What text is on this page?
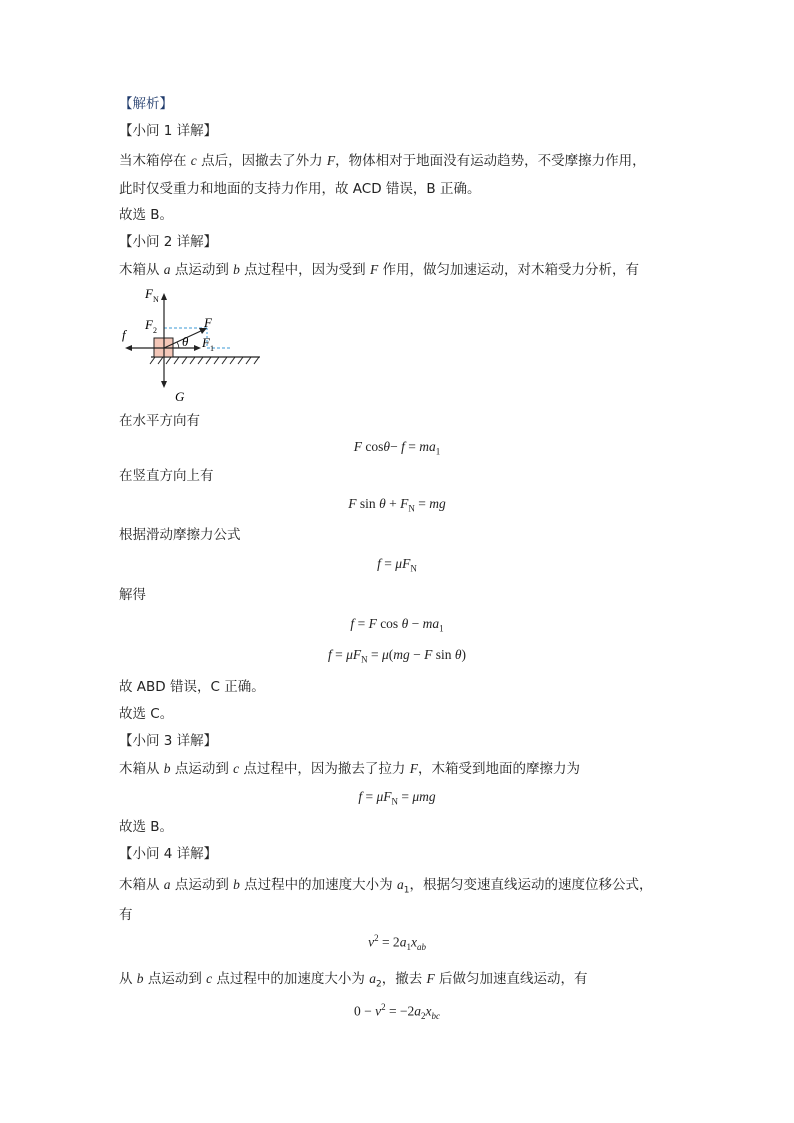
【解析】
【小问 1 详解】
当木箱停在 c 点后，因撤去了外力 F，物体相对于地面没有运动趋势，不受摩擦力作用，
此时仅受重力和地面的支持力作用，故 ACD 错误，B 正确。
故选 B。
【小问 2 详解】
木箱从 a 点运动到 b 点过程中，因为受到 F 作用，做匀加速运动，对木箱受力分析，有
$F_N$
$F_2$
F
θ $F_1$
f
G
在水平方向有
F $\cos\theta- f = ma_1$
在竖直方向上有
F $\sin \theta + F_N$ = mg
根据滑动摩擦力公式
$f = \mu F_N$
解得
f = F $\cos \theta - ma_1$
$f = \mu F_N = \mu(mg - F$ sin θ)
故 ABD 错误，C 正确。
故选 C。
【小问 3 详解】
木箱从 b 点运动到 c 点过程中，因为撤去了拉力 F，木箱受到地面的摩擦力为
$f = \mu F_N = \mu mg$
故选 B。
【小问 4 详解】
木箱从 a 点运动到 b 点过程中的加速度大小为 $a_1$，根据匀变速直线运动的速度位移公式，
有
$v^2 = 2a_1x_{ab}$
从 b 点运动到 c 点过程中的加速度大小为 $a_2$，撤去 F 后做匀加速直线运动，有
$0 - v^2 = -2a_2x_{bc}$
